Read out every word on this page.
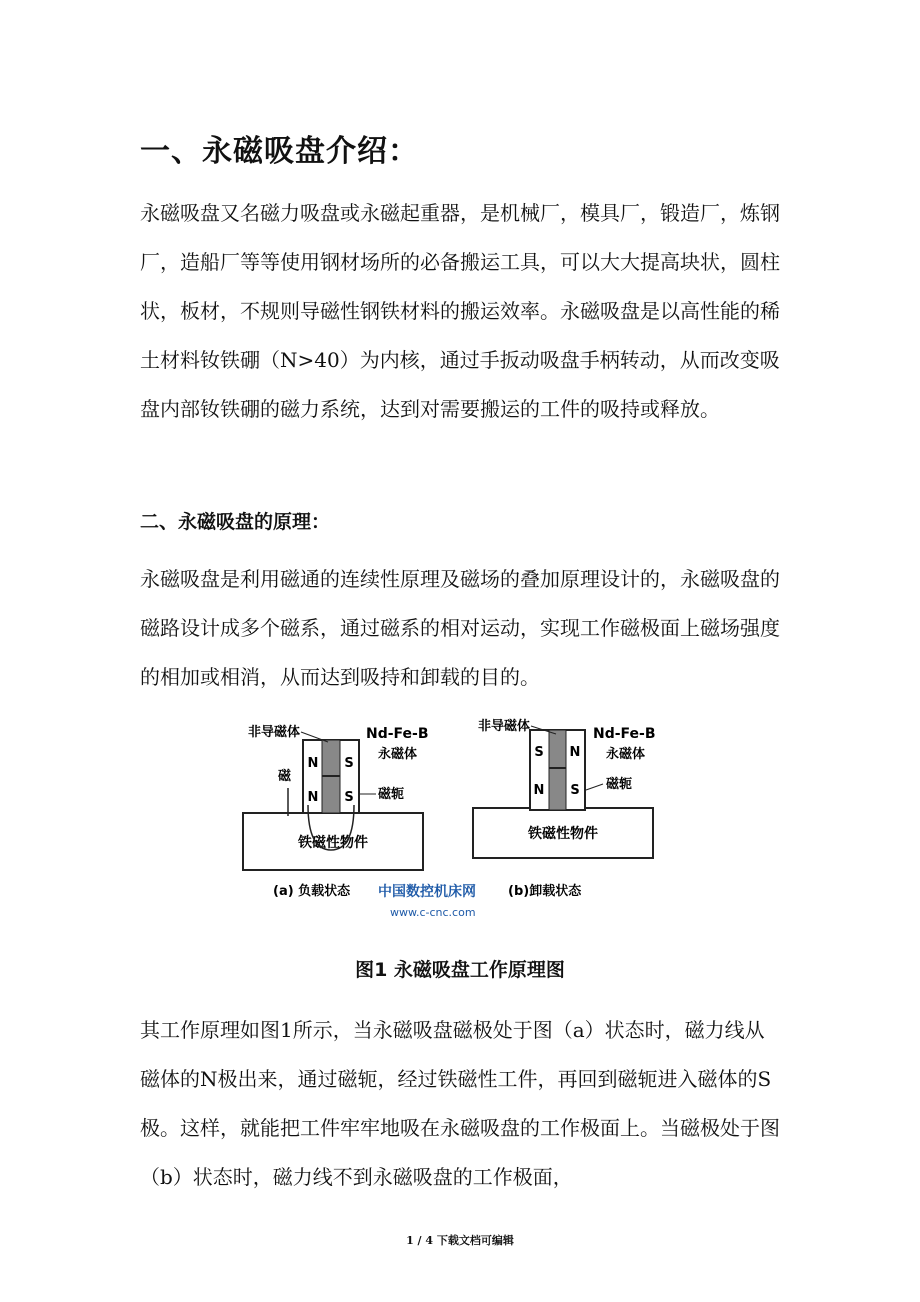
一、永磁吸盘介绍：
永磁吸盘又名磁力吸盘或永磁起重器，是机械厂，模具厂，锻造厂，炼钢厂，造船厂等等使用钢材场所的必备搬运工具，可以大大提高块状，圆柱状，板材，不规则导磁性钢铁材料的搬运效率。永磁吸盘是以高性能的稀土材料钕铁硼（N>40）为内核，通过手扳动吸盘手柄转动，从而改变吸盘内部钕铁硼的磁力系统，达到对需要搬运的工件的吸持或释放。
二、永磁吸盘的原理：
永磁吸盘是利用磁通的连续性原理及磁场的叠加原理设计的，永磁吸盘的磁路设计成多个磁系，通过磁系的相对运动，实现工作磁极面上磁场强度的相加或相消，从而达到吸持和卸载的目的。
铁磁性物件
N S
N S
非导磁体	Nd-Fe-B
永磁体
磁轭
磁
(a) 负载状态
铁磁性物件
S N
N S
非导磁体	Nd-Fe-B
永磁体
磁轭
(b)卸载状态
中国数控机床网
www.c-cnc.com
图1 永磁吸盘工作原理图
其工作原理如图1所示，当永磁吸盘磁极处于图（a）状态时，磁力线从磁体的N极出来，通过磁轭，经过铁磁性工件，再回到磁轭进入磁体的S极。这样，就能把工件牢牢地吸在永磁吸盘的工作极面上。当磁极处于图（b）状态时，磁力线不到永磁吸盘的工作极面，
1 / 4 下载文档可编辑
